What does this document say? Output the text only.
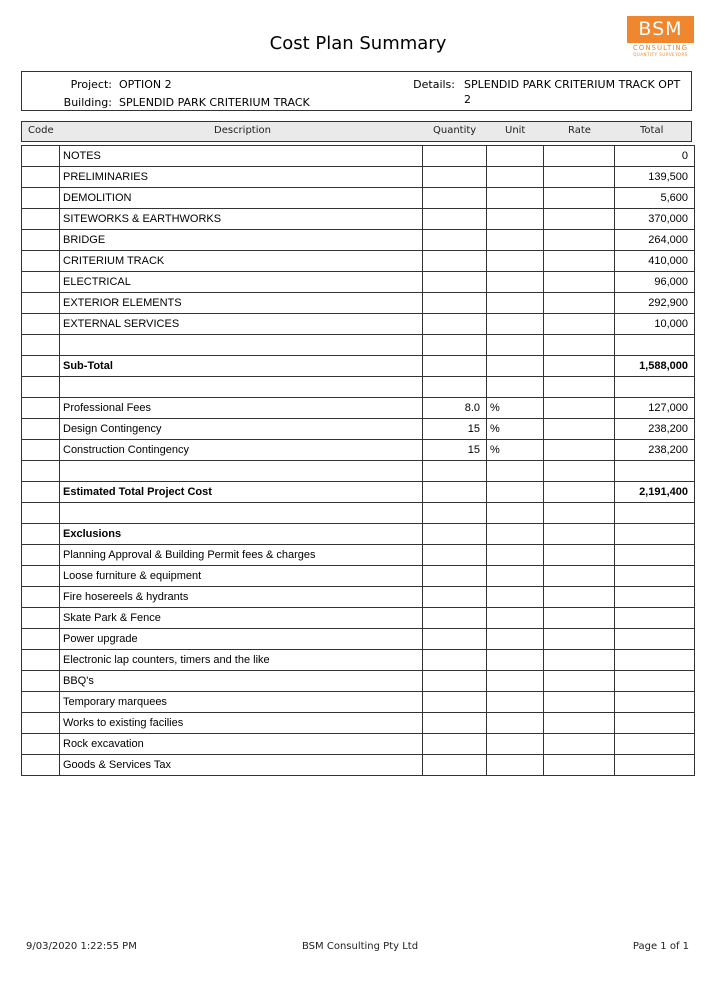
Cost Plan Summary
BSM
CONSULTING
QUANTITY SURVEYORS
Project: OPTION 2
Building: SPLENDID PARK CRITERIUM TRACK
Details: SPLENDID PARK CRITERIUM TRACK OPT
2
Code	Description	Quantity	Unit	Rate	Total
	NOTES				0
	PRELIMINARIES				139,500
	DEMOLITION				5,600
	SITEWORKS & EARTHWORKS				370,000
	BRIDGE				264,000
	CRITERIUM TRACK				410,000
	ELECTRICAL				96,000
	EXTERIOR ELEMENTS				292,900
	EXTERNAL SERVICES				10,000

	Sub-Total				1,588,000

	Professional Fees	8.0	%		127,000
	Design Contingency	15	%		238,200
	Construction Contingency	15	%		238,200

	Estimated Total Project Cost				2,191,400

	Exclusions				
	Planning Approval & Building Permit fees & charges				
	Loose furniture & equipment				
	Fire hosereels & hydrants				
	Skate Park & Fence				
	Power upgrade				
	Electronic lap counters, timers and the like				
	BBQ's				
	Temporary marquees				
	Works to existing facilies				
	Rock excavation				
	Goods & Services Tax				
9/03/2020 1:22:55 PM	BSM Consulting Pty Ltd	Page 1 of 1
